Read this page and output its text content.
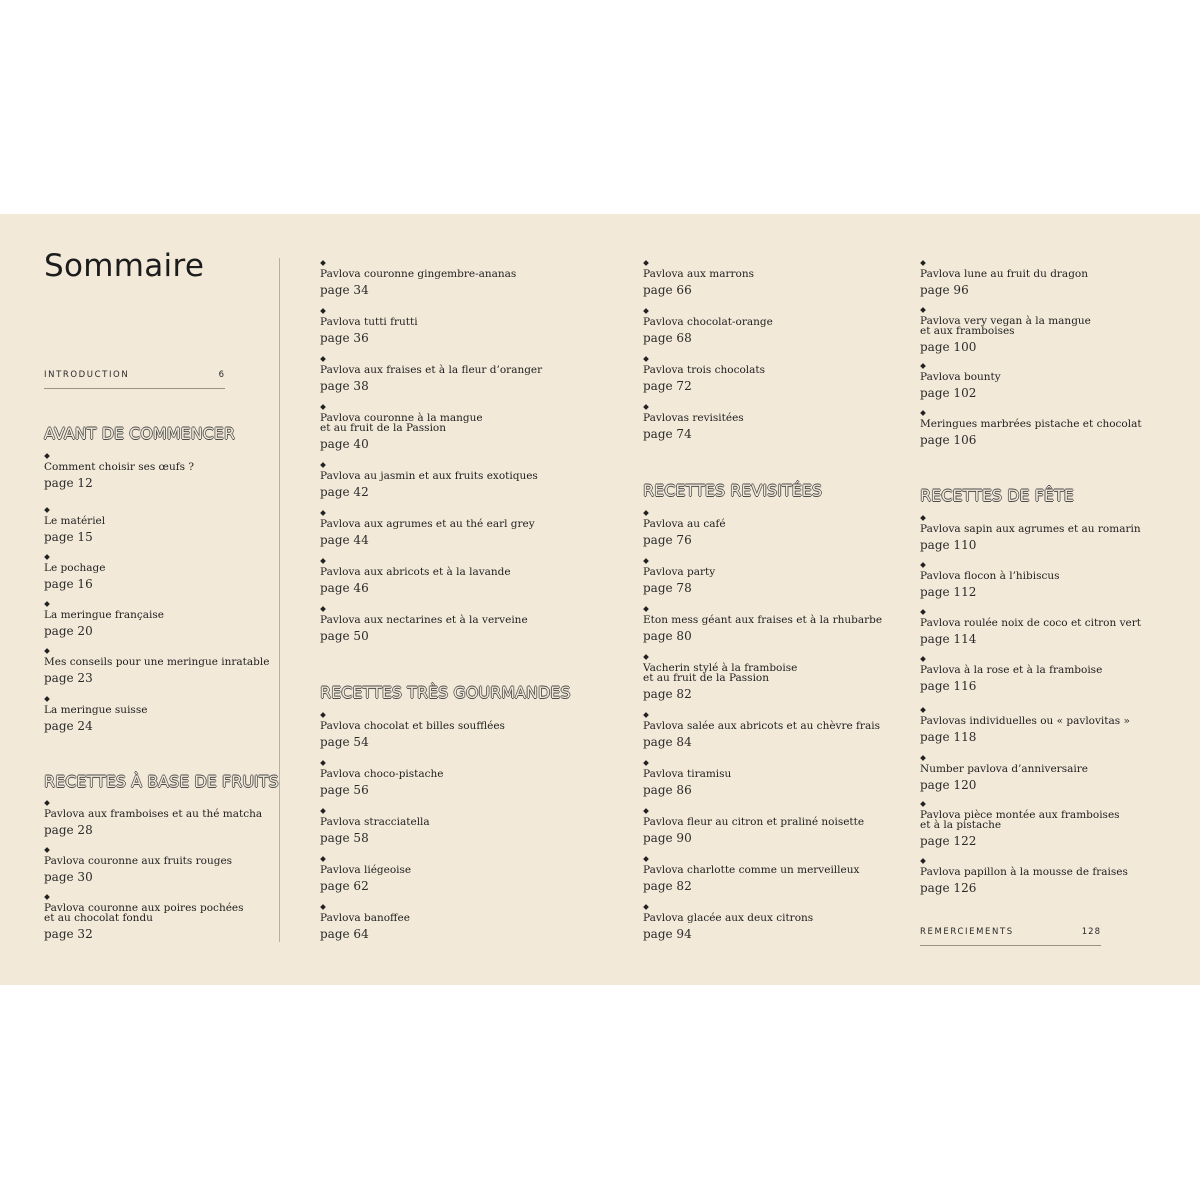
Sommaire
INTRODUCTION	6
REMERCIEMENTS	128
AVANT DE COMMENCER
RECETTES À BASE DE FRUITS
RECETTES TRÈS GOURMANDES
RECETTES REVISITÉES	RECETTES DE FÊTE
Comment choisir ses œufs ?
page 12
Le matériel
page 15
Le pochage
page 16
La meringue française
page 20
Mes conseils pour une meringue inratable
page 23
La meringue suisse
page 24
Pavlova aux framboises et au thé matcha
page 28
Pavlova couronne aux fruits rouges
page 30
Pavlova couronne aux poires pochées
et au chocolat fondu
page 32
Pavlova couronne gingembre-ananas
page 34
Pavlova tutti frutti
page 36
Pavlova aux fraises et à la fleur d’oranger
page 38
Pavlova couronne à la mangue
et au fruit de la Passion
page 40
Pavlova au jasmin et aux fruits exotiques
page 42
Pavlova aux agrumes et au thé earl grey
page 44
Pavlova aux abricots et à la lavande
page 46
Pavlova aux nectarines et à la verveine
page 50
Pavlova chocolat et billes soufflées
page 54
Pavlova choco-pistache
page 56
Pavlova stracciatella
page 58
Pavlova liégeoise
page 62
Pavlova banoffee
page 64
Pavlova aux marrons
page 66
Pavlova chocolat-orange
page 68
Pavlova trois chocolats
page 72
Pavlovas revisitées
page 74
Pavlova au café
page 76
Pavlova party
page 78
Eton mess géant aux fraises et à la rhubarbe
page 80
Vacherin stylé à la framboise
et au fruit de la Passion
page 82
Pavlova salée aux abricots et au chèvre frais
page 84
Pavlova tiramisu
page 86
Pavlova fleur au citron et praliné noisette
page 90
Pavlova charlotte comme un merveilleux
page 82
Pavlova glacée aux deux citrons
page 94
Pavlova lune au fruit du dragon
page 96
Pavlova very vegan à la mangue
et aux framboises
page 100
Pavlova bounty
page 102
Meringues marbrées pistache et chocolat
page 106
Pavlova sapin aux agrumes et au romarin
page 110
Pavlova flocon à l’hibiscus
page 112
Pavlova roulée noix de coco et citron vert
page 114
Pavlova à la rose et à la framboise
page 116
Pavlovas individuelles ou « pavlovitas »
page 118
Number pavlova d’anniversaire
page 120
Pavlova pièce montée aux framboises
et à la pistache
page 122
Pavlova papillon à la mousse de fraises
page 126
